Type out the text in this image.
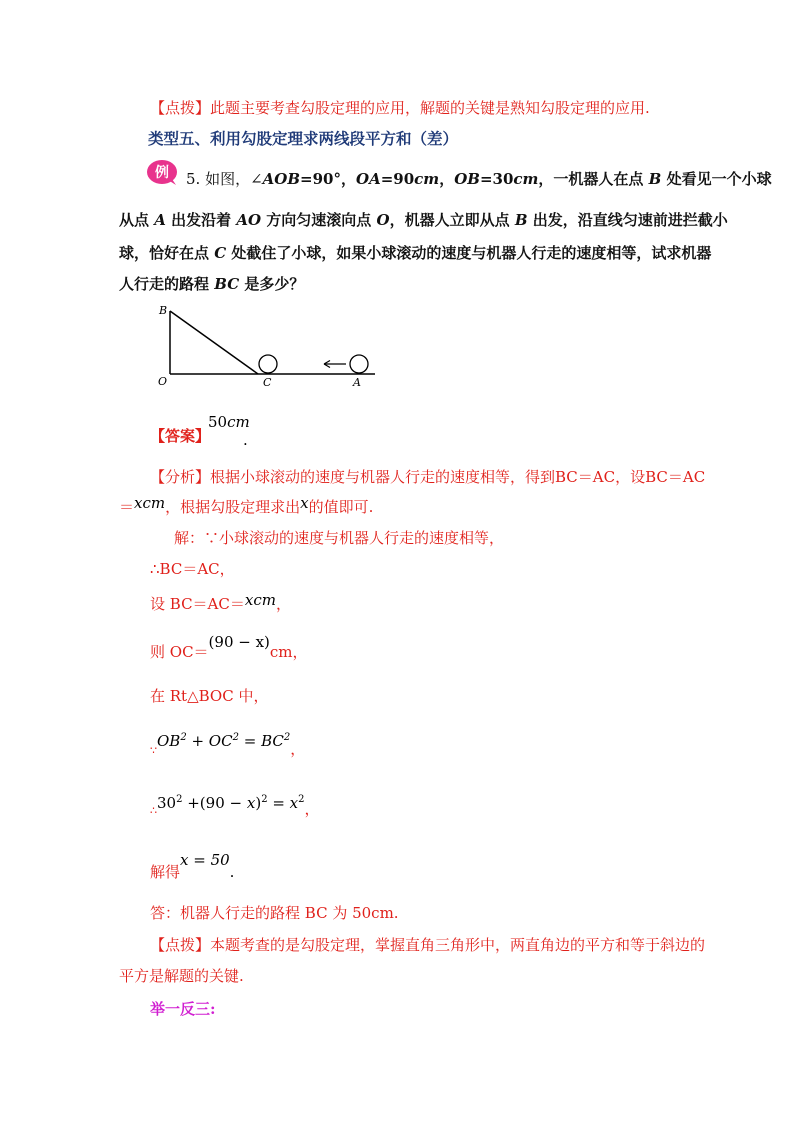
【点拨】此题主要考查勾股定理的应用，解题的关键是熟知勾股定理的应用.
类型五、利用勾股定理求两线段平方和（差）
例 5. 如图，∠AOB=90°，OA=90cm，OB=30cm，一机器人在点 B 处看见一个小球
从点 A 出发沿着 AO 方向匀速滚向点 O，机器人立即从点 B 出发，沿直线匀速前进拦截小
球，恰好在点 C 处截住了小球，如果小球滚动的速度与机器人行走的速度相等，试求机器
人行走的路程 BC 是多少？
B
O	C	A
【答案】
50cm
.
【分析】根据小球滚动的速度与机器人行走的速度相等，得到BC＝AC，设BC＝AC
＝xcm，根据勾股定理求出x的值即可.
解：∵小球滚动的速度与机器人行走的速度相等，
∴BC＝AC，
设 BC＝AC＝xcm，
则 OC＝(90 − x)cm，
在 Rt△BOC 中，
$\because OB^2 + OC^2 = BC^2$，
$\therefore 30^2 +(90 - x)^2 = x^2$，
解得x = 50.
答：机器人行走的路程 BC 为 50cm.
【点拨】本题考查的是勾股定理，掌握直角三角形中，两直角边的平方和等于斜边的
平方是解题的关键.
举一反三:
